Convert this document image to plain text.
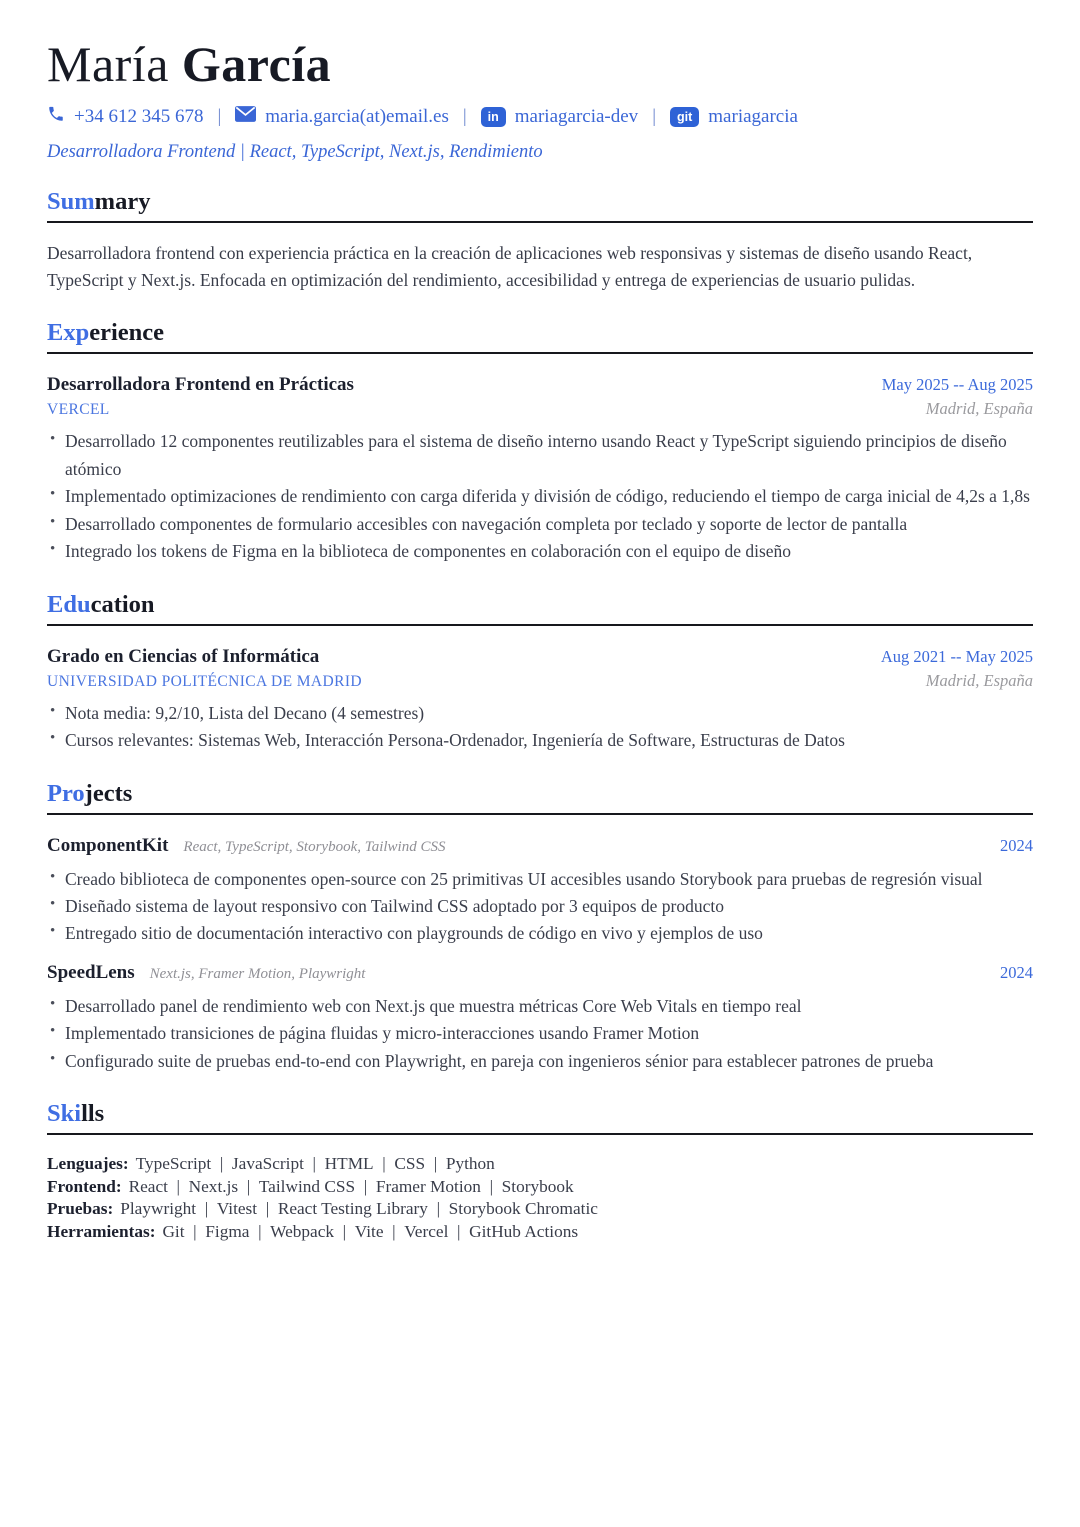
María García
+34 612 345 678 | maria.garcia(at)email.es |	in mariagarcia-dev |	git mariagarcia
Desarrolladora Frontend | React, TypeScript, Next.js, Rendimiento
Summary

Desarrolladora frontend con experiencia práctica en la creación de aplicaciones web responsivas y sistemas de diseño usando React, TypeScript y Next.js. Enfocada en optimización del rendimiento, accesibilidad y entrega de experiencias de usuario pulidas.

Experience
Desarrolladora Frontend en Prácticas	May 2025 -- Aug 2025
VERCEL	Madrid, España
• Desarrollado 12 componentes reutilizables para el sistema de diseño interno usando React y TypeScript siguiendo principios de diseño atómico
• Implementado optimizaciones de rendimiento con carga diferida y división de código, reduciendo el tiempo de carga inicial de 4,2s a 1,8s
• Desarrollado componentes de formulario accesibles con navegación completa por teclado y soporte de lector de pantalla
• Integrado los tokens de Figma en la biblioteca de componentes en colaboración con el equipo de diseño
Education
Grado en Ciencias of Informática	Aug 2021 -- May 2025
UNIVERSIDAD POLITÉCNICA DE MADRID	Madrid, España
• Nota media: 9,2/10, Lista del Decano (4 semestres)
• Cursos relevantes: Sistemas Web, Interacción Persona-Ordenador, Ingeniería de Software, Estructuras de Datos
Projects
ComponentKit React, TypeScript, Storybook, Tailwind CSS	2024
• Creado biblioteca de componentes open-source con 25 primitivas UI accesibles usando Storybook para pruebas de regresión visual
• Diseñado sistema de layout responsivo con Tailwind CSS adoptado por 3 equipos de producto
• Entregado sitio de documentación interactivo con playgrounds de código en vivo y ejemplos de uso
SpeedLens Next.js, Framer Motion, Playwright	2024
• Desarrollado panel de rendimiento web con Next.js que muestra métricas Core Web Vitals en tiempo real
• Implementado transiciones de página fluidas y micro-interacciones usando Framer Motion
• Configurado suite de pruebas end-to-end con Playwright, en pareja con ingenieros sénior para establecer patrones de prueba
Skills
Lenguajes: TypeScript  |  JavaScript  |  HTML  |  CSS  |  Python
Frontend: React  |  Next.js  |  Tailwind CSS  |  Framer Motion  |  Storybook
Pruebas: Playwright  |  Vitest  |  React Testing Library  |  Storybook Chromatic
Herramientas: Git  |  Figma  |  Webpack  |  Vite  |  Vercel  |  GitHub Actions
